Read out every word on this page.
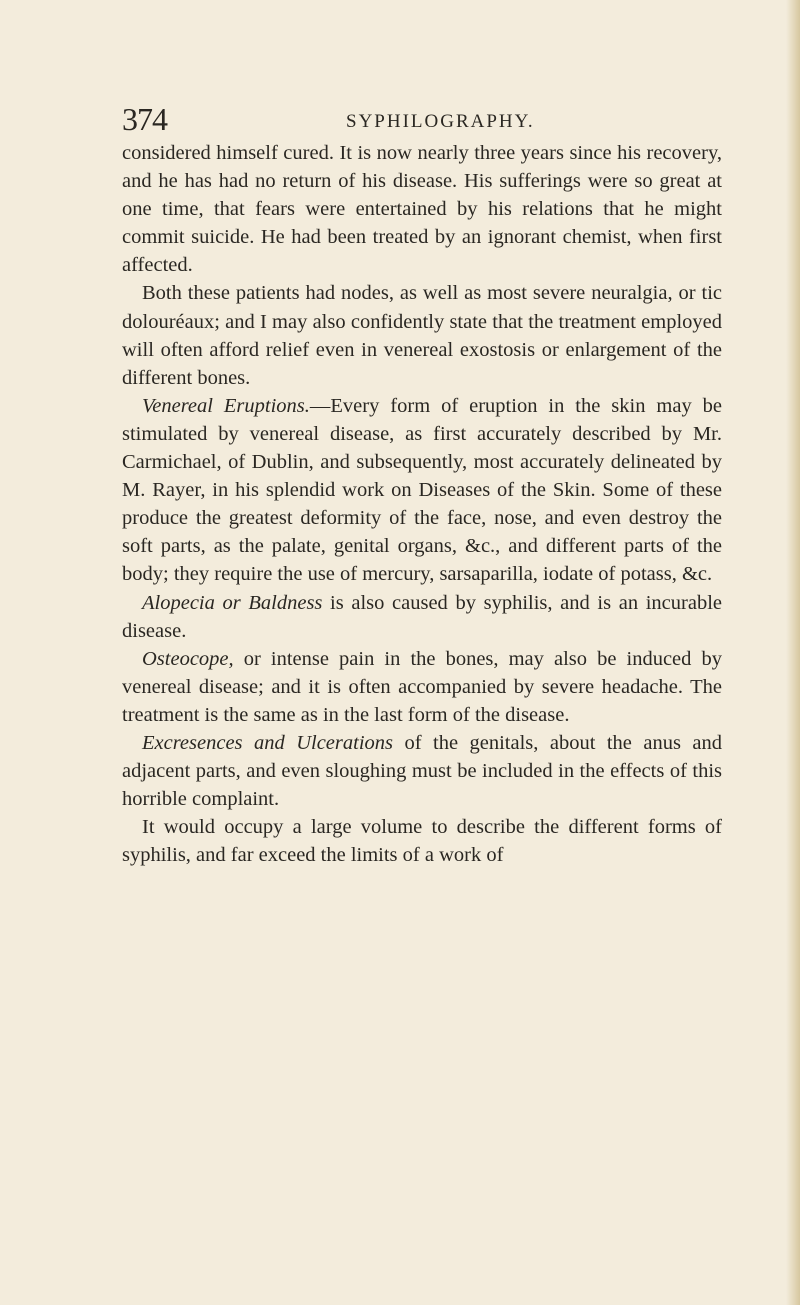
374	SYPHILOGRAPHY.

considered himself cured. It is now nearly three years since his recovery, and he has had no return of his disease. His sufferings were so great at one time, that fears were entertained by his relations that he might commit suicide. He had been treated by an ignorant chemist, when first affected.

Both these patients had nodes, as well as most severe neuralgia, or tic dolouréaux; and I may also confidently state that the treatment employed will often afford relief even in venereal exostosis or enlargement of the different bones.

Venereal Eruptions.—Every form of eruption in the skin may be stimulated by venereal disease, as first accurately described by Mr. Carmichael, of Dublin, and subsequently, most accurately delineated by M. Rayer, in his splendid work on Diseases of the Skin. Some of these produce the greatest deformity of the face, nose, and even destroy the soft parts, as the palate, genital organs, &c., and different parts of the body; they require the use of mercury, sarsaparilla, iodate of potass, &c.

Alopecia or Baldness is also caused by syphilis, and is an incurable disease.

Osteocope, or intense pain in the bones, may also be induced by venereal disease; and it is often accompanied by severe headache. The treatment is the same as in the last form of the disease.

Excresences and Ulcerations of the genitals, about the anus and adjacent parts, and even sloughing must be included in the effects of this horrible complaint.

It would occupy a large volume to describe the different forms of syphilis, and far exceed the limits of a work of
